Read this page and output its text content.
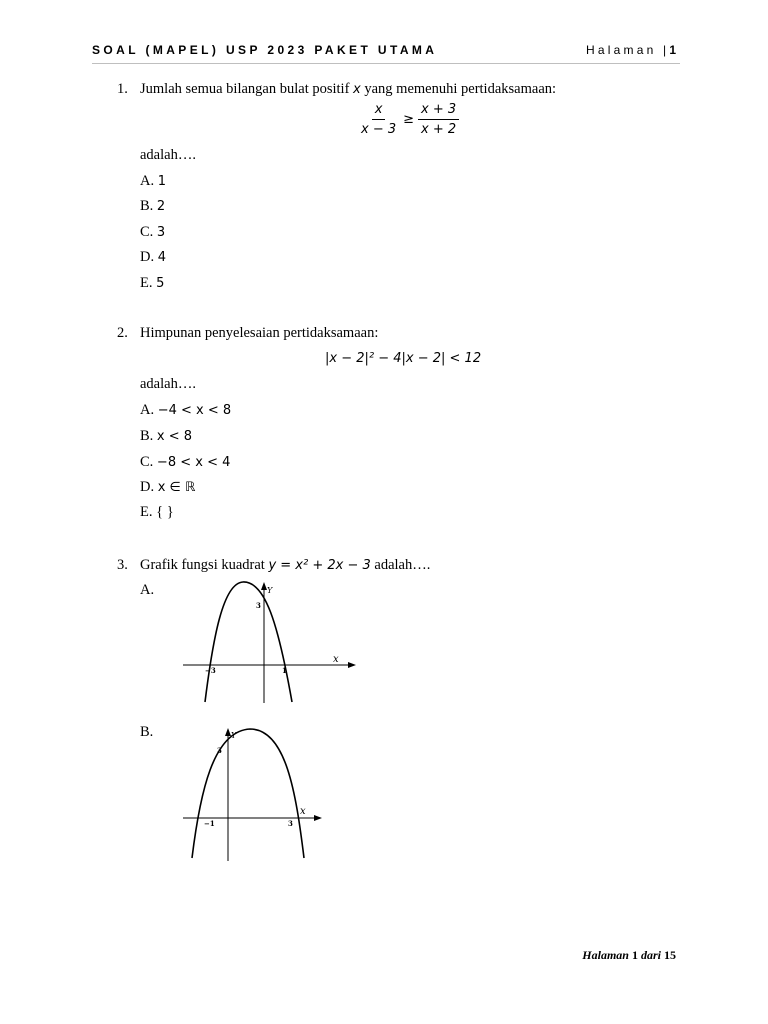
SOAL (MAPEL) USP 2023 PAKET UTAMA	Halaman |1
1. Jumlah semua bilangan bulat positif x yang memenuhi pertidaksamaan:
$\frac{x}{x - 3} \ge \frac{x + 3}{x + 2}$
adalah….
A. 1
B. 2
C. 3
D. 4
E. 5
2. Himpunan penyelesaian pertidaksamaan:
|x − 2|² − 4|x − 2| < 12
adalah….
A. −4 < x < 8
B. x < 8
C. −8 < x < 4
D. x ∈ ℝ
E. { }
3. Grafik fungsi kuadrat y = x² + 2x − 3 adalah….
A.
x
Y
3
−3	1
B.
x
Y
3
−1	3
Halaman 1 dari 15
